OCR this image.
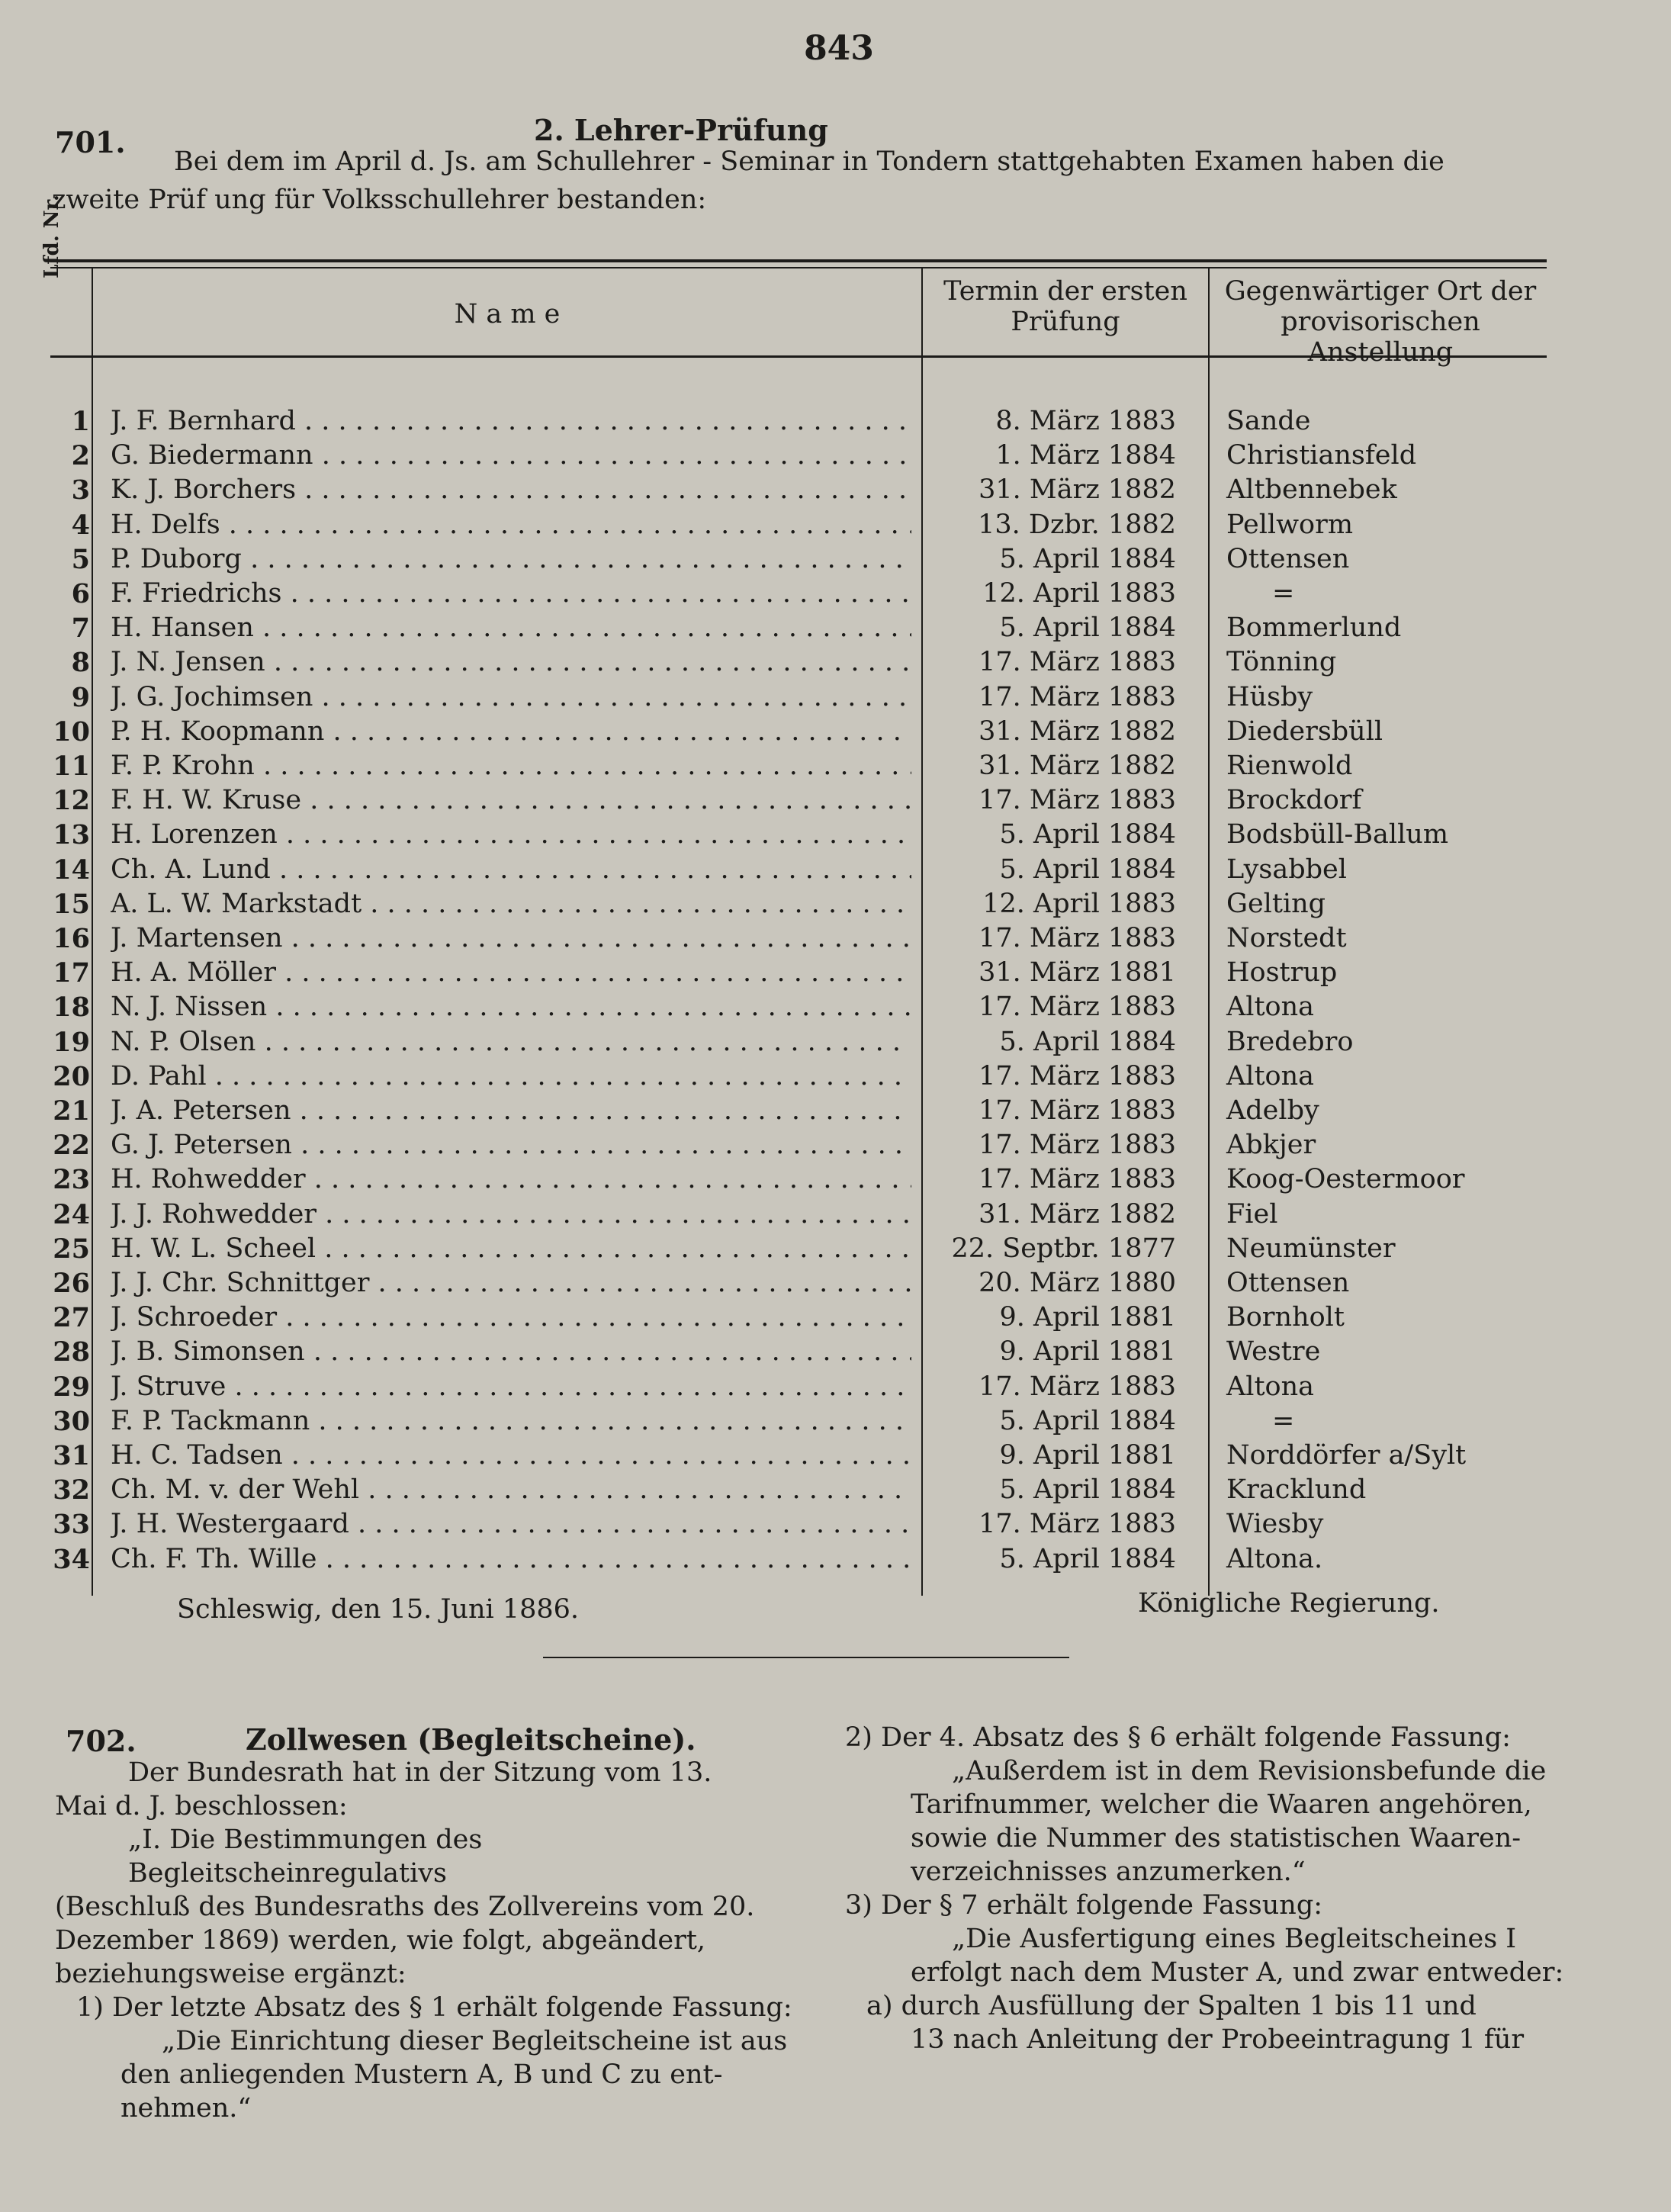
843
701.	2. Lehrer-Prüfung
Bei dem im April d. Js. am Schullehrer - Seminar in Tondern stattgehabten Examen haben die
zweite Prüf ung für Volksschullehrer bestanden:
Lfd. Nr.
N a m e
Termin der ersten
Prüfung
Gegenwärtiger Ort der
provisorischen Anstellung
1 J. F. Bernhard . . .	8. März 1883 Sande
2 G. Biedermann . . .	1. März 1884 Christiansfeld
3 K. J. Borchers . . .	31. März 1882 Altbennebek
4 H. Delfs . . .	13. Dzbr. 1882 Pellworm
5 P. Duborg . . .	5. April 1884 Ottensen
6 F. Friedrichs . . .	12. April 1883	=
7 H. Hansen . . .	5. April 1884 Bommerlund
8 J. N. Jensen . . .	17. März 1883 Tönning
9 J. G. Jochimsen . . .	17. März 1883 Hüsby
10 P. H. Koopmann . . .	31. März 1882 Diedersbüll
11 F. P. Krohn . . .	31. März 1882 Rienwold
12 F. H. W. Kruse . . .	17. März 1883 Brockdorf
13 H. Lorenzen . . .	5. April 1884 Bodsbüll-Ballum
14 Ch. A. Lund . . .	5. April 1884 Lysabbel
15 A. L. W. Markstadt . . .	12. April 1883 Gelting
16 J. Martensen . . .	17. März 1883 Norstedt
17 H. A. Möller . . .	31. März 1881 Hostrup
18 N. J. Nissen . . .	17. März 1883 Altona
19 N. P. Olsen . . .	5. April 1884 Bredebro
20 D. Pahl . . .	17. März 1883 Altona
21 J. A. Petersen . . .	17. März 1883 Adelby
22 G. J. Petersen . . .	17. März 1883 Abkjer
23 H. Rohwedder . . .	17. März 1883 Koog-Oestermoor
24 J. J. Rohwedder . . .	31. März 1882 Fiel
25 H. W. L. Scheel . . .	22. Septbr. 1877 Neumünster
26 J. J. Chr. Schnittger . . .	20. März 1880 Ottensen
27 J. Schroeder . . .	9. April 1881 Bornholt
28 J. B. Simonsen . . .	9. April 1881 Westre
29 J. Struve . . .	17. März 1883 Altona
30 F. P. Tackmann . . .	5. April 1884	=
31 H. C. Tadsen . . .	9. April 1881 Norddörfer a/Sylt
32 Ch. M. v. der Wehl . . .	5. April 1884 Kracklund
33 J. H. Westergaard . . .	17. März 1883 Wiesby
34 Ch. F. Th. Wille . . .	5. April 1884 Altona.
Schleswig, den 15. Juni 1886.	Königliche Regierung.
702.	Zollwesen (Begleitscheine).

Der Bundesrath hat in der Sitzung vom 13.

Mai d. J. beschlossen:

„I. Die Bestimmungen des Begleitscheinregulativs

(Beschluß des Bundesraths des Zollvereins vom 20.

Dezember 1869) werden, wie folgt, abgeändert,

beziehungsweise ergänzt:

1) Der letzte Absatz des § 1 erhält folgende Fassung:

„Die Einrichtung dieser Begleitscheine ist aus

den anliegenden Mustern A, B und C zu ent-

nehmen.“

2) Der 4. Absatz des § 6 erhält folgende Fassung:

„Außerdem ist in dem Revisionsbefunde die

Tarifnummer, welcher die Waaren angehören,

sowie die Nummer des statistischen Waaren-

verzeichnisses anzumerken.“

3) Der § 7 erhält folgende Fassung:

„Die Ausfertigung eines Begleitscheines I

erfolgt nach dem Muster A, und zwar entweder:

a) durch Ausfüllung der Spalten 1 bis 11 und

13 nach Anleitung der Probeeintragung 1 für
